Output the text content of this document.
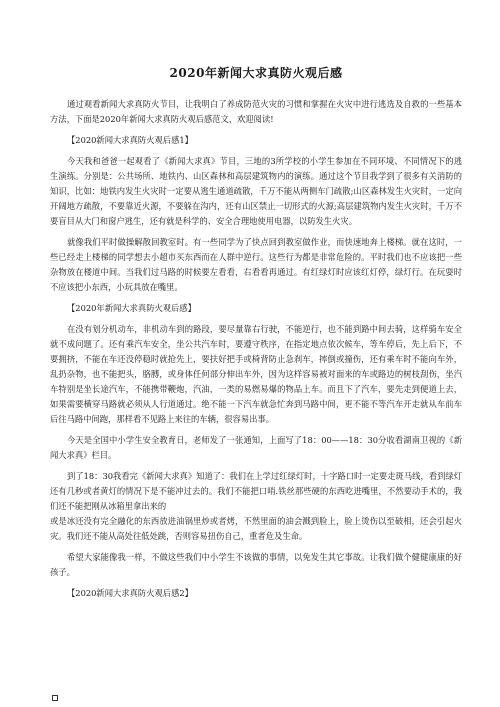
2020年新闻大求真防火观后感

通过观看新闻大求真防火节目，让我明白了养成防范火灾的习惯和掌握在火灾中进行逃选及自救的一些基本方法，下面是2020年新闻大求真防火观后感范文，欢迎阅读!

【2020新闻大求真防火观后感1】

今天我和爸爸一起观看了《新闻大求真》节目，三地的3所学校的小学生参加在不同环境、不同情况下的逃生演练。分别是：公共场所、地铁内、山区森林和高层建筑物内的演练。通过这个节目我学到了很多有关消防的知识，比如：地铁内发生火灾时一定要从逃生通道疏散，千万不能从两侧车门疏散;山区森林发生火灾时，一定向开阔地方疏散，不要靠近火源，不要躲在沟内，还有山区禁止一切形式的火源;高层建筑物内发生火灾时，千万不要盲目从大门和窗户逃生，还有就是科学的、安全合理地使用电器，以防发生火灾。

就像我们平时做操解散回教室时。有一些同学为了快点回到教室做作业，而快速地奔上楼梯。就在这时，一些已经走上楼梯的同学想去小超市买东西而在人群中逆行。这些行为都是非常危险的。平时我们也不应该把一些杂物放在楼道中间。当我们过马路的时候要左看看，右看看再通过。有红绿灯时应该红灯停，绿灯行。在玩耍时不应该把小东西，小玩具放在嘴里。

【2020年新闻大求真防火观后感】

在没有划分机动车，非机动车到的路段，要尽量靠右行驶，不能逆行，也不能到路中间去骑，这样骑车安全就不成问题了。还有乘汽车安全，坐公共汽车时，要遵守秩序，在指定地点依次候车，等车停后，先上后下，不要拥挤，不能在车还没停稳时就抢先上，要扶好把手或椅背防止急刹车，摔倒或撞伤，还有乘车时不能向车外，乱扔杂物，也不能把头，胳膊，或身体任何部分伸出车外，因为这样容易被对面来的车或路边的树枝刮伤，坐汽车特别是坐长途汽车，不能携带鞭炮，汽油，一类的易燃易爆的物品上车。而且下了汽车，要先走到便道上去，如果需要横穿马路就必须从人行道通过。绝不能一下汽车就急忙奔到马路中间，更不能不等汽车开走就从车前车后往马路中间跑，那样看不见路上来往的车辆，很容易出事。

今天是全国中小学生安全教育日，老师发了一张通知，上面写了18：00——18：30分收看湖南卫视的《新闻大求真》栏目。

到了18：30我看完《新闻大求真》知道了：我们在上学过红绿灯时，十字路口时一定要走斑马线，看到绿灯还有几秒或者黄灯的情况下是不能冲过去的。我们不能把口哨.铁丝那些硬的东西吃进嘴里，不然要动手术的，我们还不能把刚从冰箱里拿出来的

或是冰还没有完全融化的东西放进油锅里炒或者烤，不然里面的油会溅到脸上，脸上烫伤以至破相，还会引起火灾。我们还不能从高处往低处跳，否则容易扭伤自己，重者危及生命。

希望大家能像我一样，不做这些我们中小学生不该做的事情，以免发生其它事故。让我们做个健健康康的好孩子。

【2020新闻大求真防火观后感2】
